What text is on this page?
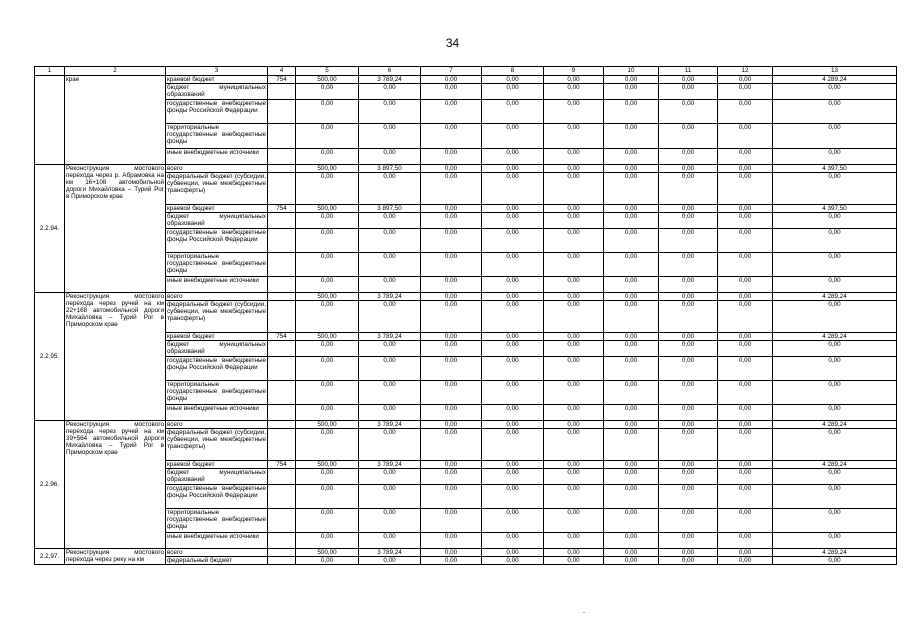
34
1	2	3	4	5	6	7	8	9	10	11	12	13
	крае	краевой бюджет	754	500,00	3 789,24	0,00	0,00	0,00	0,00	0,00	0,00	4 289,24
		бюджет муниципальных образований		0,00	0,00	0,00	0,00	0,00	0,00	0,00	0,00	0,00
		государственные внебюджетные фонды Российской Федерации		0,00	0,00	0,00	0,00	0,00	0,00	0,00	0,00	0,00
		территориальные государственные внебюджетные фонды		0,00	0,00	0,00	0,00	0,00	0,00	0,00	0,00	0,00
		иные внебюджетные источники		0,00	0,00	0,00	0,00	0,00	0,00	0,00	0,00	0,00
2.2.94.	Реконструкция мостового перехода через р. Абрамовка на км 16+108 автомобильной дороги Михайловка – Турий Рог в Приморском крае	всего		500,00	3 897,50	0,00	0,00	0,00	0,00	0,00	0,00	4 397,50
		федеральный бюджет (субсидии, субвенции, иные межбюджетные трансферты)		0,00	0,00	0,00	0,00	0,00	0,00	0,00	0,00	0,00
		краевой бюджет	754	500,00	3 897,50	0,00	0,00	0,00	0,00	0,00	0,00	4 397,50
		бюджет муниципальных образований		0,00	0,00	0,00	0,00	0,00	0,00	0,00	0,00	0,00
		государственные внебюджетные фонды Российской Федерации		0,00	0,00	0,00	0,00	0,00	0,00	0,00	0,00	0,00
		территориальные государственные внебюджетные фонды		0,00	0,00	0,00	0,00	0,00	0,00	0,00	0,00	0,00
		иные внебюджетные источники		0,00	0,00	0,00	0,00	0,00	0,00	0,00	0,00	0,00
2.2.95.	Реконструкция мостового перехода через ручей на км 22+168 автомобильной дороги Михайловка – Турий Рог в Приморском крае	всего		500,00	3 789,24	0,00	0,00	0,00	0,00	0,00	0,00	4 289,24
		федеральный бюджет (субсидии, субвенции, иные межбюджетные трансферты)		0,00	0,00	0,00	0,00	0,00	0,00	0,00	0,00	0,00
		краевой бюджет	754	500,00	3 789,24	0,00	0,00	0,00	0,00	0,00	0,00	4 289,24
		бюджет муниципальных образований		0,00	0,00	0,00	0,00	0,00	0,00	0,00	0,00	0,00
		государственные внебюджетные фонды Российской Федерации		0,00	0,00	0,00	0,00	0,00	0,00	0,00	0,00	0,00
		территориальные государственные внебюджетные фонды		0,00	0,00	0,00	0,00	0,00	0,00	0,00	0,00	0,00
		иные внебюджетные источники		0,00	0,00	0,00	0,00	0,00	0,00	0,00	0,00	0,00
2.2.96.	Реконструкция мостового перехода через ручей на км 39+564 автомобильной дороги Михайловка – Турий Рог в Приморском крае	всего		500,00	3 789,24	0,00	0,00	0,00	0,00	0,00	0,00	4 289,24
		федеральный бюджет (субсидии, субвенции, иные межбюджетные трансферты)		0,00	0,00	0,00	0,00	0,00	0,00	0,00	0,00	0,00
		краевой бюджет	754	500,00	3 789,24	0,00	0,00	0,00	0,00	0,00	0,00	4 289,24
		бюджет муниципальных образований		0,00	0,00	0,00	0,00	0,00	0,00	0,00	0,00	0,00
		государственные внебюджетные фонды Российской Федерации		0,00	0,00	0,00	0,00	0,00	0,00	0,00	0,00	0,00
		территориальные государственные внебюджетные фонды		0,00	0,00	0,00	0,00	0,00	0,00	0,00	0,00	0,00
		иные внебюджетные источники		0,00	0,00	0,00	0,00	0,00	0,00	0,00	0,00	0,00
2.2.97.	Реконструкция мостового перехода через реку на км	всего		500,00	3 789,24	0,00	0,00	0,00	0,00	0,00	0,00	4 289,24
		федеральный бюджет		0,00	0,00	0,00	0,00	0,00	0,00	0,00	0,00	0,00
